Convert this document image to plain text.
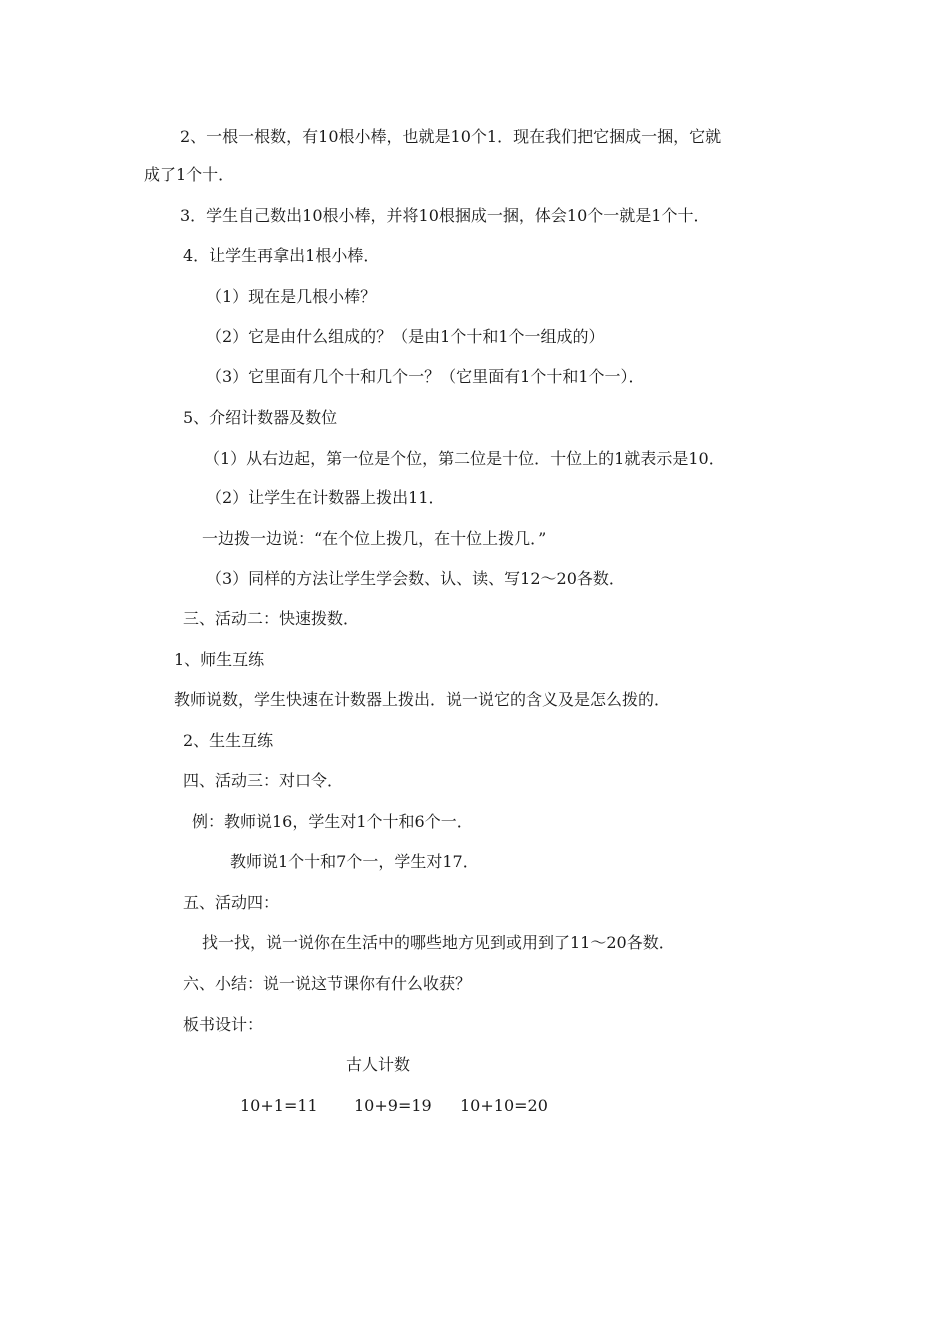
2、一根一根数，有10根小棒，也就是10个1．现在我们把它捆成一捆，它就
成了1个十．
3．学生自己数出10根小棒，并将10根捆成一捆，体会10个一就是1个十．
4．让学生再拿出1根小棒．
（1）现在是几根小棒？
（2）它是由什么组成的？（是由1个十和1个一组成的）
（3）它里面有几个十和几个一？（它里面有1个十和1个一）．
5、介绍计数器及数位
（1）从右边起，第一位是个位，第二位是十位．十位上的1就表示是10．
（2）让学生在计数器上拨出11．
一边拨一边说：“在个位上拨几，在十位上拨几．”
（3）同样的方法让学生学会数、认、读、写12～20各数．
三、活动二：快速拨数．
1、师生互练
教师说数，学生快速在计数器上拨出．说一说它的含义及是怎么拨的．
2、生生互练
四、活动三：对口令．
例：教师说16，学生对1个十和6个一．
教师说1个十和7个一，学生对17．
五、活动四：
找一找，说一说你在生活中的哪些地方见到或用到了11～20各数．
六、小结：说一说这节课你有什么收获？
板书设计：
古人计数
10+1=11 10+9=19 10+10=20
